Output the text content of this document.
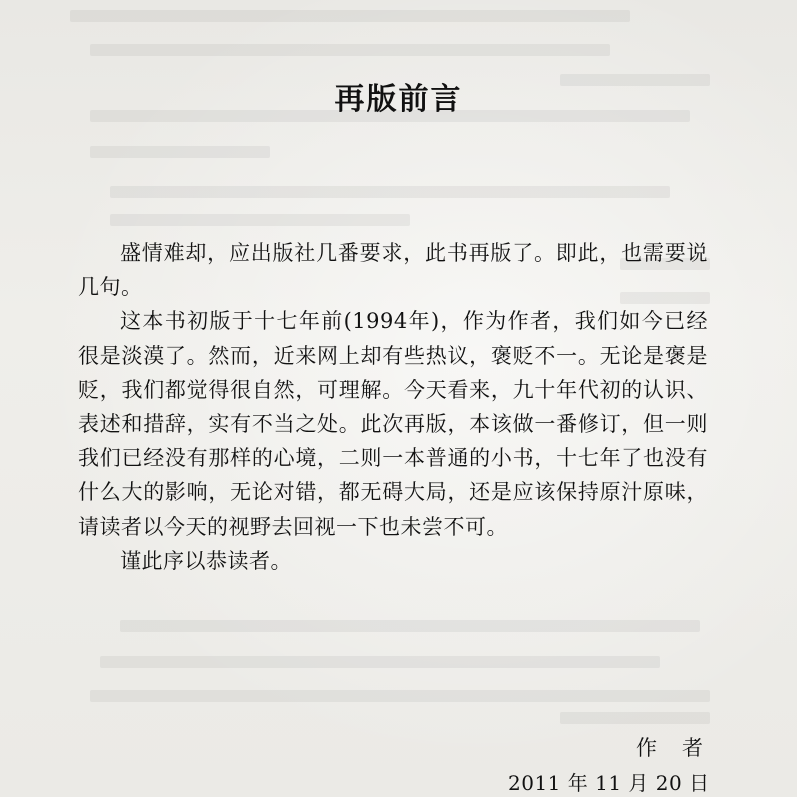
再版前言

盛情难却，应出版社几番要求，此书再版了。即此，也需要说几句。

这本书初版于十七年前(1994年)，作为作者，我们如今已经很是淡漠了。然而，近来网上却有些热议，褒贬不一。无论是褒是贬，我们都觉得很自然，可理解。今天看来，九十年代初的认识、表述和措辞，实有不当之处。此次再版，本该做一番修订，但一则我们已经没有那样的心境，二则一本普通的小书，十七年了也没有什么大的影响，无论对错，都无碍大局，还是应该保持原汁原味，请读者以今天的视野去回视一下也未尝不可。

谨此序以恭读者。

作　者
2011 年 11 月 20 日
